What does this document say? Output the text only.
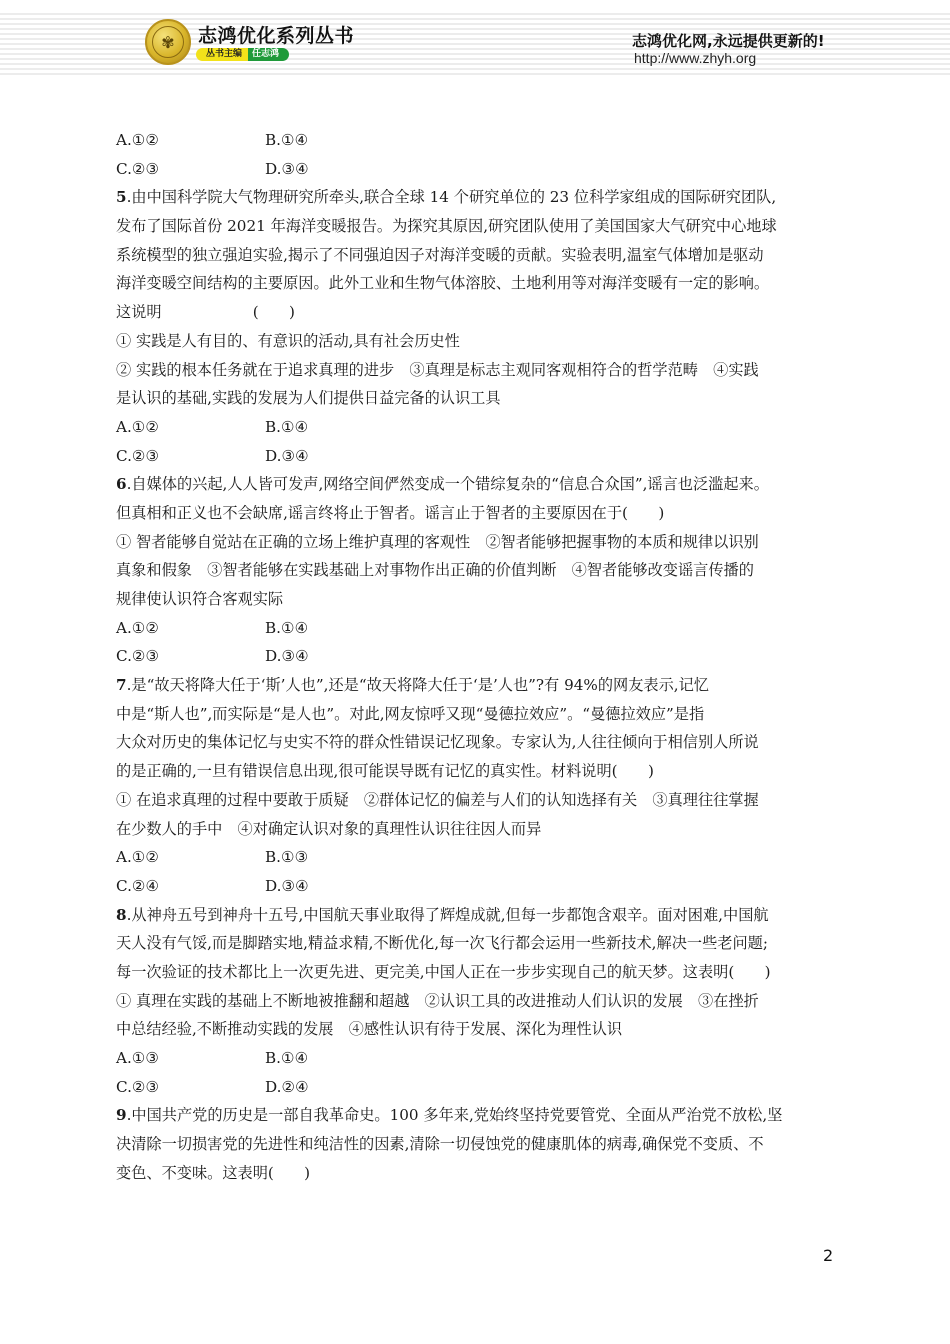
✾	志鸿优化系列丛书
丛书主编	任志鸿
志鸿优化网,永远提供更新的!
http://www.zhyh.org
A.①②	B.①④
C.②③	D.③④
5.由中国科学院大气物理研究所牵头,联合全球 14 个研究单位的 23 位科学家组成的国际研究团队,
发布了国际首份 2021 年海洋变暖报告。为探究其原因,研究团队使用了美国国家大气研究中心地球
系统模型的独立强迫实验,揭示了不同强迫因子对海洋变暖的贡献。实验表明,温室气体增加是驱动
海洋变暖空间结构的主要原因。此外工业和生物气体溶胶、土地利用等对海洋变暖有一定的影响。
这说明　　　　　　(　　)
① 实践是人有目的、有意识的活动,具有社会历史性
② 实践的根本任务就在于追求真理的进步　③真理是标志主观同客观相符合的哲学范畴　④实践
是认识的基础,实践的发展为人们提供日益完备的认识工具
A.①②	B.①④
C.②③	D.③④
6.自媒体的兴起,人人皆可发声,网络空间俨然变成一个错综复杂的“信息合众国”,谣言也泛滥起来。
但真相和正义也不会缺席,谣言终将止于智者。谣言止于智者的主要原因在于(　　)
① 智者能够自觉站在正确的立场上维护真理的客观性　②智者能够把握事物的本质和规律以识别
真象和假象　③智者能够在实践基础上对事物作出正确的价值判断　④智者能够改变谣言传播的
规律使认识符合客观实际
A.①②	B.①④
C.②③	D.③④
7.是“故天将降大任于‘斯’人也”,还是“故天将降大任于‘是’人也”?有 94%的网友表示,记忆
中是“斯人也”,而实际是“是人也”。对此,网友惊呼又现“曼德拉效应”。“曼德拉效应”是指
大众对历史的集体记忆与史实不符的群众性错误记忆现象。专家认为,人往往倾向于相信别人所说
的是正确的,一旦有错误信息出现,很可能误导既有记忆的真实性。材料说明(　　)
① 在追求真理的过程中要敢于质疑　②群体记忆的偏差与人们的认知选择有关　③真理往往掌握
在少数人的手中　④对确定认识对象的真理性认识往往因人而异
A.①②	B.①③
C.②④	D.③④
8.从神舟五号到神舟十五号,中国航天事业取得了辉煌成就,但每一步都饱含艰辛。面对困难,中国航
天人没有气馁,而是脚踏实地,精益求精,不断优化,每一次飞行都会运用一些新技术,解决一些老问题;
每一次验证的技术都比上一次更先进、更完美,中国人正在一步步实现自己的航天梦。这表明(　　)
① 真理在实践的基础上不断地被推翻和超越　②认识工具的改进推动人们认识的发展　③在挫折
中总结经验,不断推动实践的发展　④感性认识有待于发展、深化为理性认识
A.①③	B.①④
C.②③	D.②④
9.中国共产党的历史是一部自我革命史。100 多年来,党始终坚持党要管党、全面从严治党不放松,坚
决清除一切损害党的先进性和纯洁性的因素,清除一切侵蚀党的健康肌体的病毒,确保党不变质、不
变色、不变味。这表明(　　)
2
